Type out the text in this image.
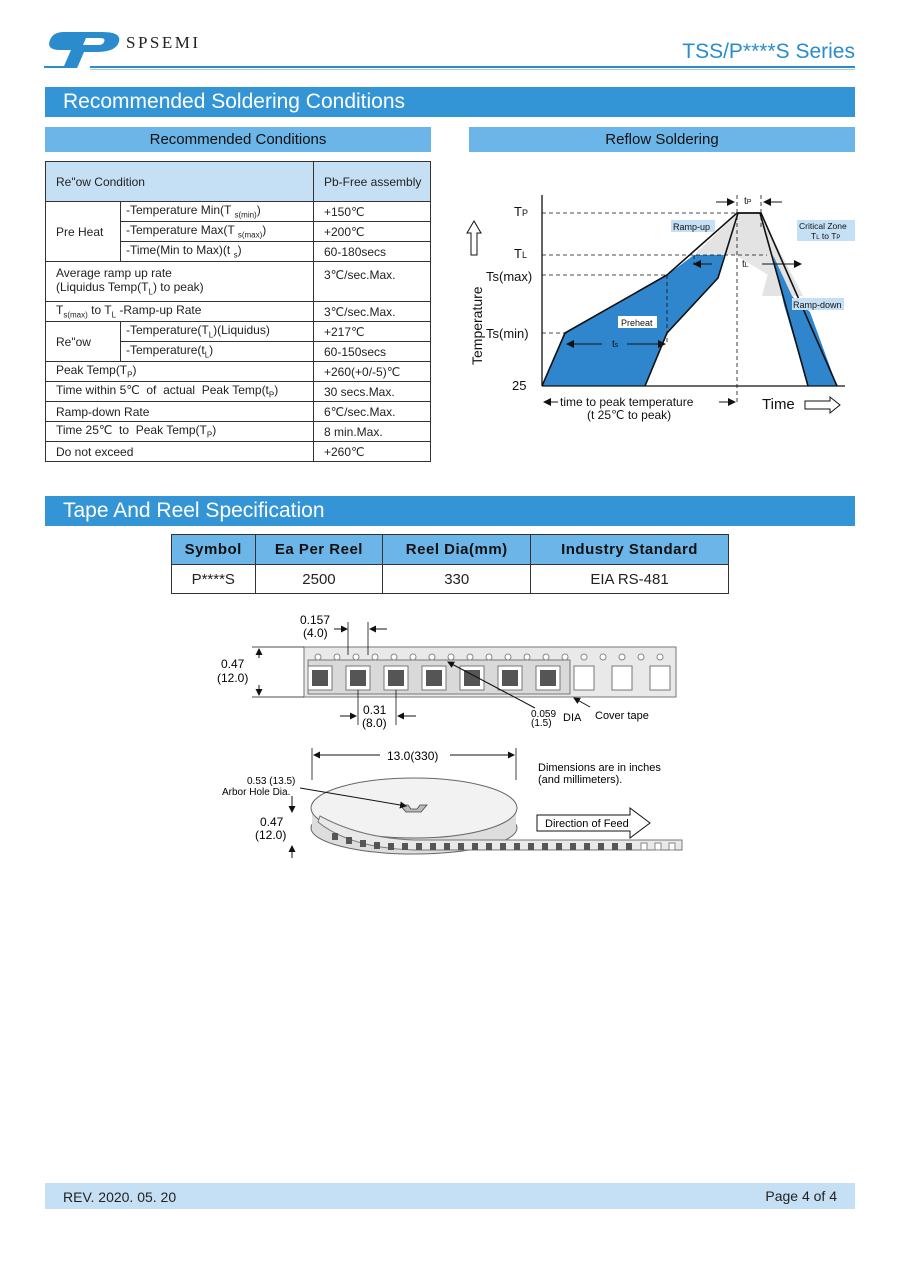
SPSEMI	TSS/P****S Series
Recommended Soldering Conditions
Recommended Conditions	Reflow Soldering
Re"ow Condition		Pb-Free assembly
Pre Heat	-Temperature Min(T $_{s(min)}$)	+150℃
	-Temperature Max(T $_{s(max)}$)	+200℃
	-Time(Min to Max)(t $_s$)	60-180secs
Average ramp up rate
(Liquidus $Temp(T_L)$ to peak)		3℃/sec.Max.
$T_{s(max)}$ to $T_L$ -Ramp-up Rate		3℃/sec.Max.
Re"ow	$-Temperature(T_L)(Liquidus)$	+217℃
	$-Temperature(t_L)$	60-150secs
Peak $Temp(T_P)$		+260(+0/-5)℃
Time within 5℃  of  actual  Peak $Temp(t_P)$		30 secs.Max.
Ramp-down Rate		6℃/sec.Max.
Time 25℃  to  Peak $Temp(T_P)$		8 min.Max.
Do not exceed		+260℃
TP
TL
Ts(max)
Ts(min)
25
Temperature
tP
tL
ts
Ramp-up
Ramp-down
Preheat
Critical Zone
TL to TP
time to peak temperature
(t 25℃ to peak)
Time
Tape And Reel Specification
Symbol	Ea Per Reel	Reel Dia(mm)	Industry Standard
P****S	2500	330	EIA RS-481
0.157
(4.0)
0.47
(12.0)
0.31
(8.0)
0.059
(1.5) DIA Cover tape
13.0(330)
Dimensions are in inches
(and millimeters).
0.53 (13.5)
Arbor Hole Dia.
0.47
(12.0)
Direction of Feed
REV. 2020. 05. 20	Page 4 of 4
